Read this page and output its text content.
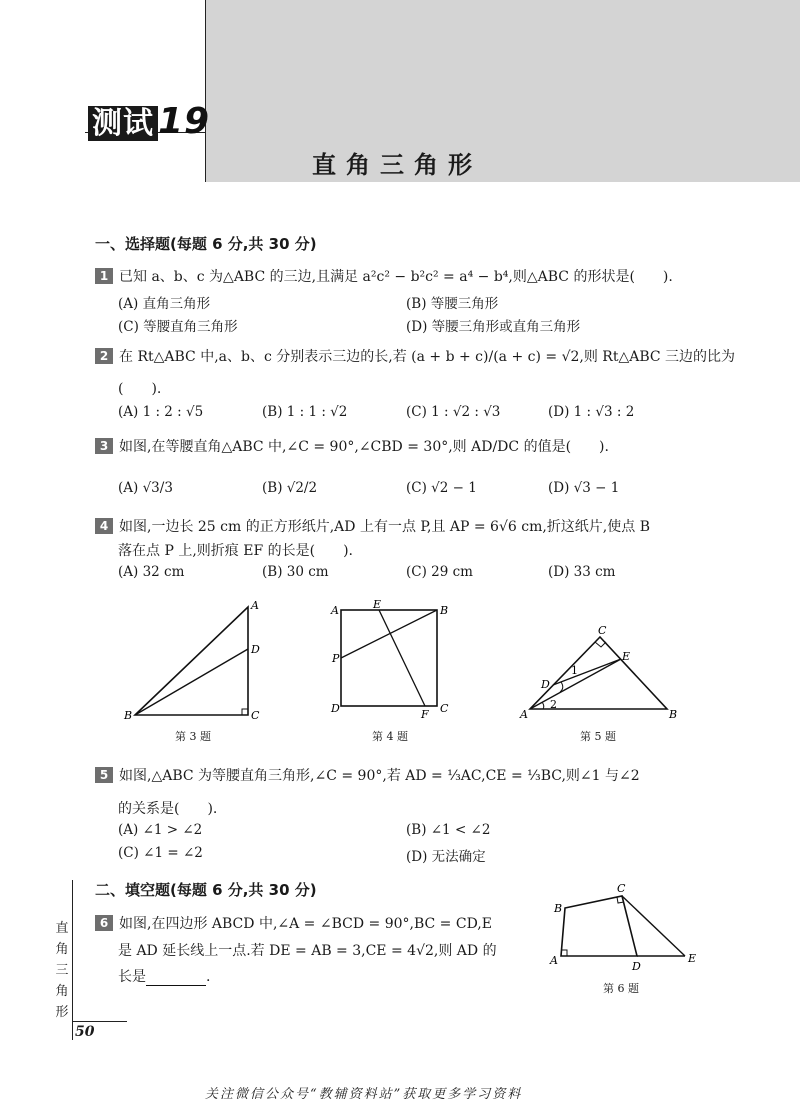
测试 19
直角三角形
一、选择题(每题 6 分,共 30 分)
1 已知 a、b、c 为△ABC 的三边,且满足 a²c² − b²c² = a⁴ − b⁴,则△ABC 的形状是(　　).
(A) 直角三角形	(B) 等腰三角形
(C) 等腰直角三角形	(D) 等腰三角形或直角三角形
2 在 Rt△ABC 中,a、b、c 分别表示三边的长,若 (a + b + c)/(a + c) = √2,则 Rt△ABC 三边的比为
(　　).
(A) 1 : 2 : √5	(B) 1 : 1 : √2	(C) 1 : √2 : √3	(D) 1 : √3 : 2
3 如图,在等腰直角△ABC 中,∠C = 90°,∠CBD = 30°,则 AD/DC 的值是(　　).
(A) √3/3	(B) √2/2	(C) √2 − 1	(D) √3 − 1
4 如图,一边长 25 cm 的正方形纸片,AD 上有一点 P,且 AP = 6√6 cm,折这纸片,使点 B
落在点 P 上,则折痕 EF 的长是(　　).
(A) 32 cm	(B) 30 cm	(C) 29 cm	(D) 33 cm
A
B	C
D
第 3 题
A	B
C
D
E
F
P
第 4 题
A	B
C
D
E
1
2
第 5 题
5 如图,△ABC 为等腰直角三角形,∠C = 90°,若 AD = ⅓AC,CE = ⅓BC,则∠1 与∠2
的关系是(　　).
(A) ∠1 > ∠2	(B) ∠1 < ∠2
(C) ∠1 = ∠2	(D) 无法确定
二、填空题(每题 6 分,共 30 分)
6 如图,在四边形 ABCD 中,∠A = ∠BCD = 90°,BC = CD,E
是 AD 延长线上一点.若 DE = AB = 3,CE = 4√2,则 AD 的
长是	.
A
B
C
D
E
第 6 题
直角三角形
50
关注微信公众号“教辅资料站”获取更多学习资料
